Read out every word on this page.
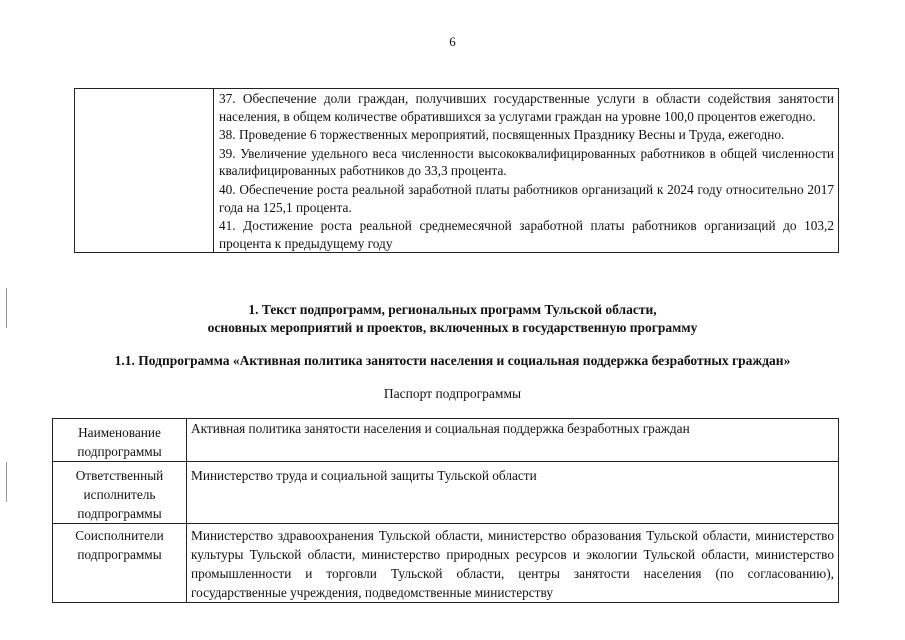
6

37. Обеспечение доли граждан, получивших государственные услуги в области содействия занятости населения, в общем количестве обратившихся за услугами граждан на уровне 100,0 процентов ежегодно.
38. Проведение 6 торжественных мероприятий, посвященных Празднику Весны и Труда, ежегодно.
39. Увеличение удельного веса численности высококвалифицированных работников в общей численности квалифицированных работников до 33,3 процента.
40. Обеспечение роста реальной заработной платы работников организаций к 2024 году относительно 2017 года на 125,1 процента.
41. Достижение роста реальной среднемесячной заработной платы работников организаций до 103,2 процента к предыдущему году
1. Текст подпрограмм, региональных программ Тульской области,
основных мероприятий и проектов, включенных в государственную программу
1.1. Подпрограмма «Активная политика занятости населения и социальная поддержка безработных граждан»
Паспорт подпрограммы
Наименование подпрограммы	Активная политика занятости населения и социальная поддержка безработных граждан
Ответственный исполнитель подпрограммы	Министерство труда и социальной защиты Тульской области
Соисполнители подпрограммы	Министерство здравоохранения Тульской области, министерство образования Тульской области, министерство культуры Тульской области, министерство природных ресурсов и экологии Тульской области, министерство промышленности и торговли Тульской области, центры занятости населения (по согласованию), государственные учреждения, подведомственные министерству
